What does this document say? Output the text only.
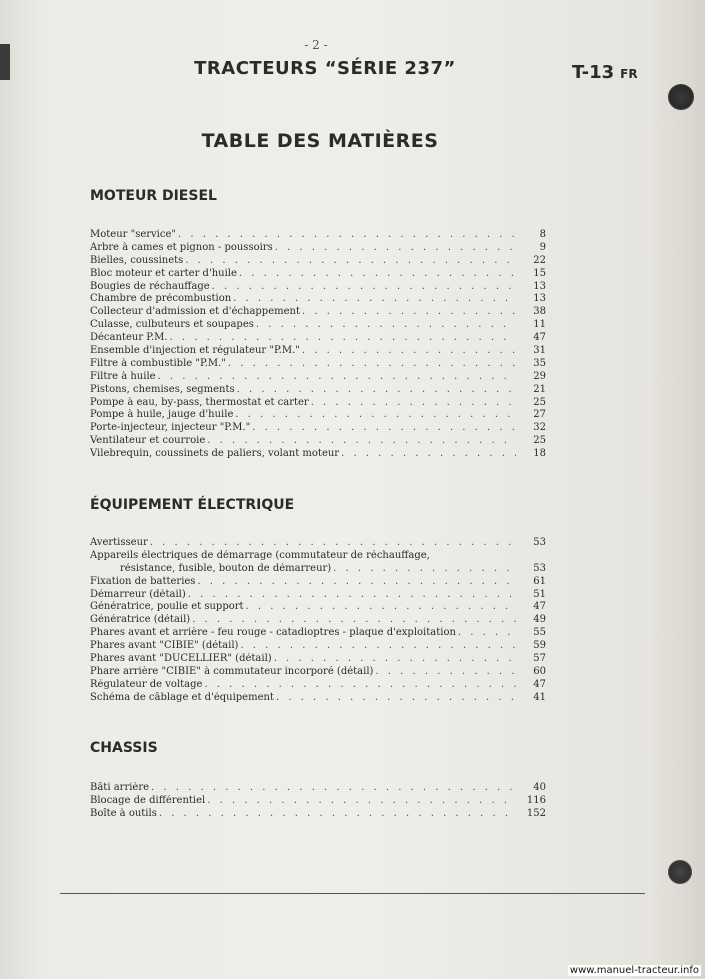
- 2 -
TRACTEURS “SÉRIE 237”	T-13 FR
TABLE DES MATIÈRES
MOTEUR DIESEL
Moteur "service" . . .	8
Arbre à cames et pignon - poussoirs . . .	9
Bielles, coussinets . . .	22
Bloc moteur et carter d'huile . . .	15
Bougies de réchauffage . . .	13
Chambre de précombustion . . .	13
Collecteur d'admission et d'échappement . . .	38
Culasse, culbuteurs et soupapes . . .	11
Décanteur P.M. . . .	47
Ensemble d'injection et régulateur "P.M." . . .	31
Filtre à combustible "P.M." . . .	35
Filtre à huile . . .	29
Pistons, chemises, segments . . .	21
Pompe à eau, by-pass, thermostat et carter . . .	25
Pompe à huile, jauge d'huile . . .	27
Porte-injecteur, injecteur "P.M." . . .	32
Ventilateur et courroie . . .	25
Vilebrequin, coussinets de paliers, volant moteur . . .	18
ÉQUIPEMENT ÉLECTRIQUE
Avertisseur . . .	53
Appareils électriques de démarrage (commutateur de réchauffage,
résistance, fusible, bouton de démarreur) . . .	53
Fixation de batteries . . .	61
Démarreur (détail) . . .	51
Génératrice, poulie et support . . .	47
Génératrice (détail) . . .	49
Phares avant et arrière - feu rouge - catadioptres - plaque d'exploitation . . .	55
Phares avant "CIBIE" (détail) . . .	59
Phares avant "DUCELLIER" (détail) . . .	57
Phare arrière "CIBIE" à commutateur incorporé (détail) . . .	60
Régulateur de voltage . . .	47
Schéma de câblage et d'équipement . . .	41
CHASSIS
Bâti arrière . . .	40
Blocage de différentiel . . .	116
Boîte à outils . . .	152
www.manuel-tracteur.info
